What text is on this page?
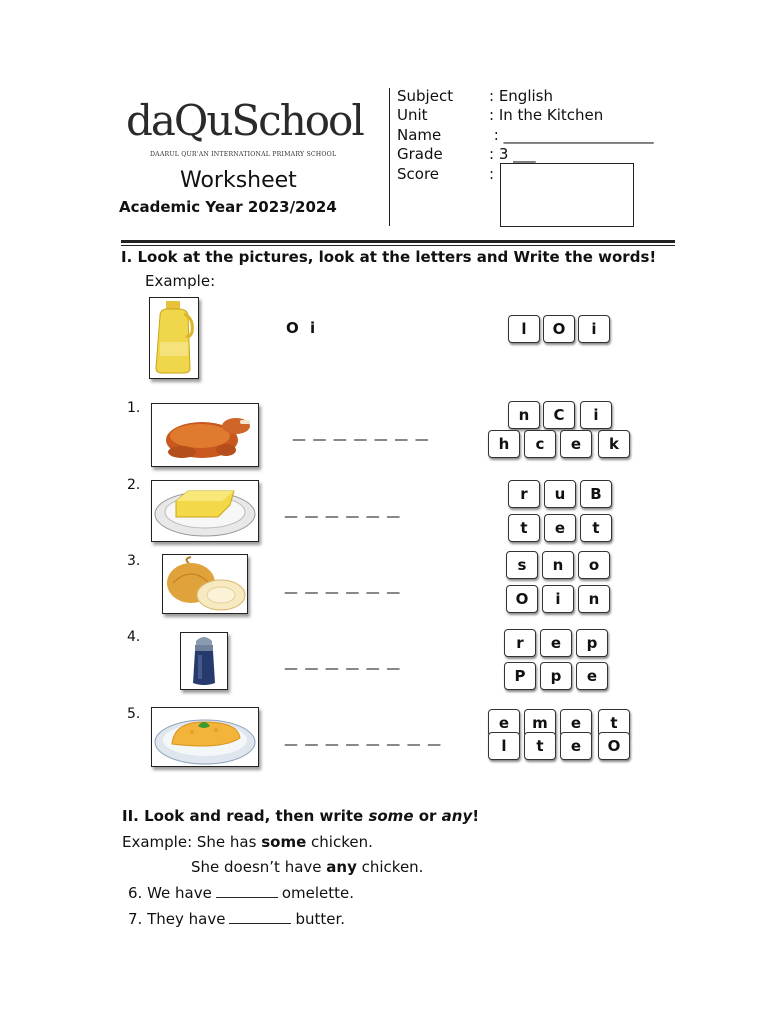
daQuSchool
DAARUL QUR'AN INTERNATIONAL PRIMARY SCHOOL
Worksheet
Academic Year 2023/2024
Subject : English
Unit	: In the Kitchen
Name	: ____________________
Grade	: 3 ___
Score	:
I. Look at the pictures, look at the letters and Write the words!
Example:
O i	l	O	i
1.
— — — — — — —
n	C	i
h	c	e	k
2.
— — — — — —
r	u	B
t	e	t
3.
— — — — — —
s	n	o
O	i	n
4.
— — — — — —
r	e	p
P	p	e
5.
— — — — — — — —
e	m	e	t
l	t	e	O
II. Look and read, then write some or any!
Example: She has some chicken.
She doesn’t have any chicken.
6. We have	omelette.
7. They have	butter.
